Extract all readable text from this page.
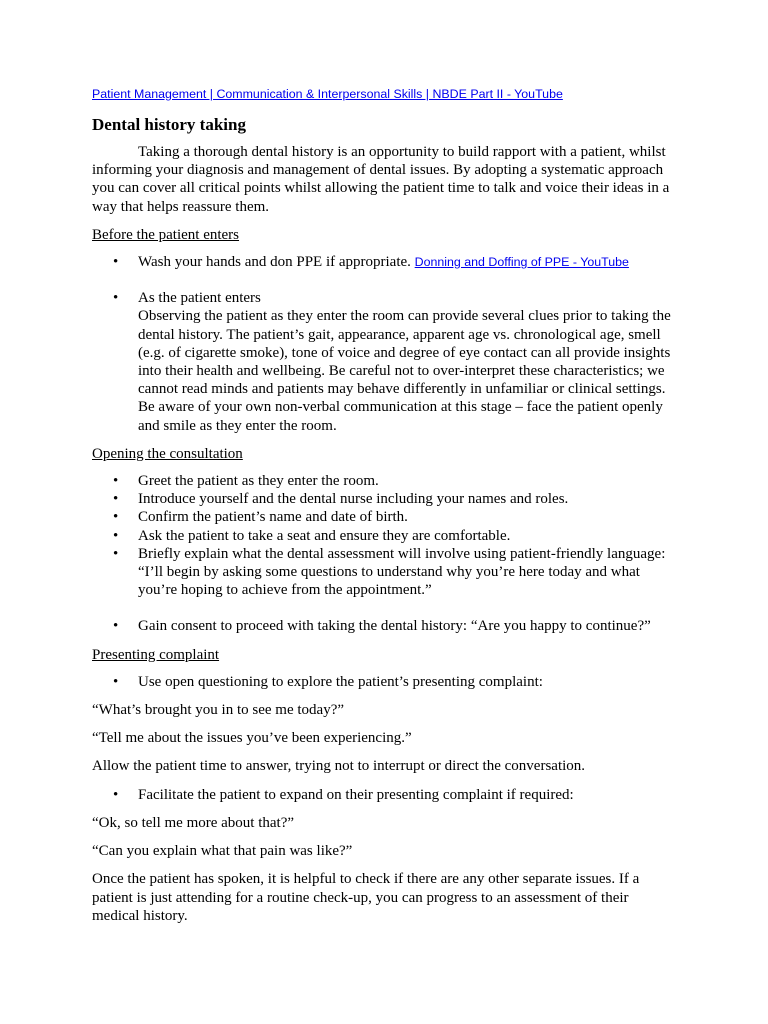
Patient Management | Communication & Interpersonal Skills | NBDE Part II - YouTube
Dental history taking

Taking a thorough dental history is an opportunity to build rapport with a patient, whilst informing your diagnosis and management of dental issues. By adopting a systematic approach you can cover all critical points whilst allowing the patient time to talk and voice their ideas in a way that helps reassure them.

Before the patient enters

• Wash your hands and don PPE if appropriate. Donning and Doffing of PPE - YouTube
• As the patient enters
Observing the patient as they enter the room can provide several clues prior to taking the dental history. The patient’s gait, appearance, apparent age vs. chronological age, smell (e.g. of cigarette smoke), tone of voice and degree of eye contact can all provide insights into their health and wellbeing. Be careful not to over-interpret these characteristics; we cannot read minds and patients may behave differently in unfamiliar or clinical settings. Be aware of your own non-verbal communication at this stage – face the patient openly and smile as they enter the room.

Opening the consultation

• Greet the patient as they enter the room.
• Introduce yourself and the dental nurse including your names and roles.
• Confirm the patient’s name and date of birth.
• Ask the patient to take a seat and ensure they are comfortable.
• Briefly explain what the dental assessment will involve using patient-friendly language: “I’ll begin by asking some questions to understand why you’re here today and what you’re hoping to achieve from the appointment.”
• Gain consent to proceed with taking the dental history: “Are you happy to continue?”

Presenting complaint

• Use open questioning to explore the patient’s presenting complaint:

“What’s brought you in to see me today?”

“Tell me about the issues you’ve been experiencing.”

Allow the patient time to answer, trying not to interrupt or direct the conversation.

• Facilitate the patient to expand on their presenting complaint if required:

“Ok, so tell me more about that?”

“Can you explain what that pain was like?”

Once the patient has spoken, it is helpful to check if there are any other separate issues. If a patient is just attending for a routine check-up, you can progress to an assessment of their medical history.
